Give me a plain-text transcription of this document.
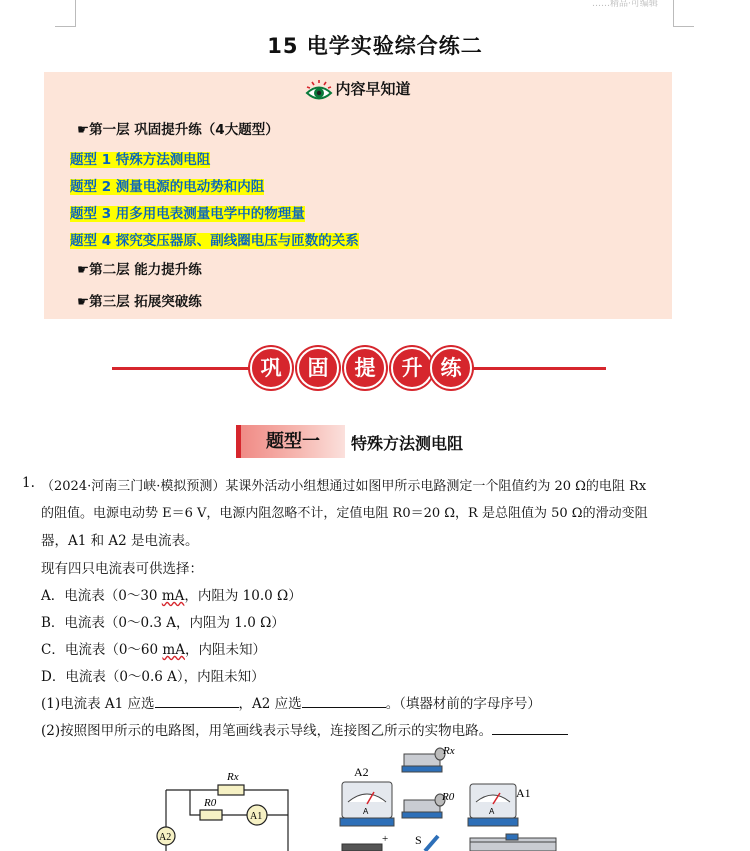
……精品·可编辑
15 电学实验综合练二
内容早知道
☛第一层 巩固提升练（4大题型）
题型 1 特殊方法测电阻
题型 2 测量电源的电动势和内阻
题型 3 用多用电表测量电学中的物理量
题型 4 探究变压器原、副线圈电压与匝数的关系
☛第二层 能力提升练
☛第三层 拓展突破练
巩	固	提	升 练
题型一	特殊方法测电阻
1. （2024·河南三门峡·模拟预测）某课外活动小组想通过如图甲所示电路测定一个阻值约为 20 Ω的电阻 Rx
的阻值。电源电动势 E＝6 V，电源内阻忽略不计，定值电阻 R0＝20 Ω，R 是总阻值为 50 Ω的滑动变阻
器，A1 和 A2 是电流表。
现有四只电流表可供选择：
A．电流表（0～30 mA，内阻为 10.0 Ω）
B．电流表（0～0.3 A，内阻为 1.0 Ω）
C．电流表（0～60 mA，内阻未知）
D．电流表（0～0.6 A），内阻未知）
(1)电流表 A1 应选	，A2 应选	。（填器材前的字母序号）
(2)按照图甲所示的电路图，用笔画线表示导线，连接图乙所示的实物电路。
Rx
R0
A1
A2
A2
A
Rx
R0
A
A1
+ S
